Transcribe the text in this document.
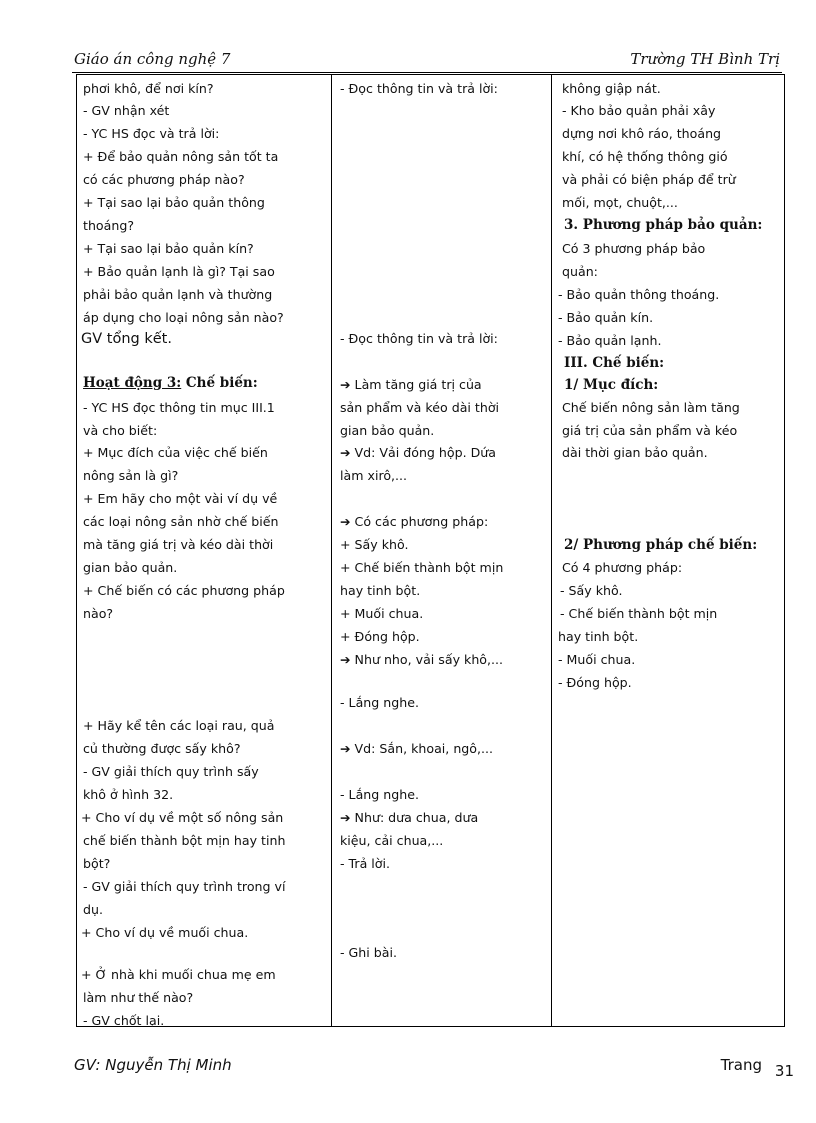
Giáo án công nghệ 7	Trường TH Bình Trị
phơi khô, để nơi kín?
- GV nhận xét
- YC HS đọc và trả lời:
+ Để bảo quản nông sản tốt ta
có các phương pháp nào?
+ Tại sao lại bảo quản thông
thoáng?
+ Tại sao lại bảo quản kín?
+ Bảo quản lạnh là gì? Tại sao
phải bảo quản lạnh và thường
áp dụng cho loại nông sản nào?
GV tổng kết.
Hoạt động 3: Chế biến:
- YC HS đọc thông tin mục III.1
và cho biết:
+ Mục đích của việc chế biến
nông sản là gì?
+ Em hãy cho một vài ví dụ về
các loại nông sản nhờ chế biến
mà tăng giá trị và kéo dài thời
gian bảo quản.
+ Chế biến có các phương pháp
nào?
+ Hãy kể tên các loại rau, quả
củ thường được sấy khô?
- GV giải thích quy trình sấy
khô ở hình 32.
+ Cho ví dụ về một số nông sản
chế biến thành bột mịn hay tinh
bột?
- GV giải thích quy trình trong ví
dụ.
+ Cho ví dụ về muối chua.
+ Ở nhà khi muối chua mẹ em
làm như thế nào?
- GV chốt lại.
- Đọc thông tin và trả lời:
- Đọc thông tin và trả lời:
➔ Làm tăng giá trị của
sản phẩm và kéo dài thời
gian bảo quản.
➔ Vd: Vải đóng hộp. Dứa
làm xirô,...
➔ Có các phương pháp:
+ Sấy khô.
+ Chế biến thành bột mịn
hay tinh bột.
+ Muối chua.
+ Đóng hộp.
➔ Như nho, vải sấy khô,...
- Lắng nghe.
➔ Vd: Sắn, khoai, ngô,...
- Lắng nghe.
➔ Như: dưa chua, dưa
kiệu, cải chua,...
- Trả lời.
- Ghi bài.
không giập nát.
- Kho bảo quản phải xây
dựng nơi khô ráo, thoáng
khí, có hệ thống thông gió
và phải có biện pháp để trừ
mối, mọt, chuột,...
3. Phương pháp bảo quản:
Có 3 phương pháp bảo
quản:
- Bảo quản thông thoáng.
- Bảo quản kín.
- Bảo quản lạnh.
III. Chế biến:
1/ Mục đích:
Chế biến nông sản làm tăng
giá trị của sản phẩm và kéo
dài thời gian bảo quản.
2/ Phương pháp chế biến:
Có 4 phương pháp:
- Sấy khô.
- Chế biến thành bột mịn
hay tinh bột.
- Muối chua.
- Đóng hộp.
GV: Nguyễn Thị Minh	Trang 31
